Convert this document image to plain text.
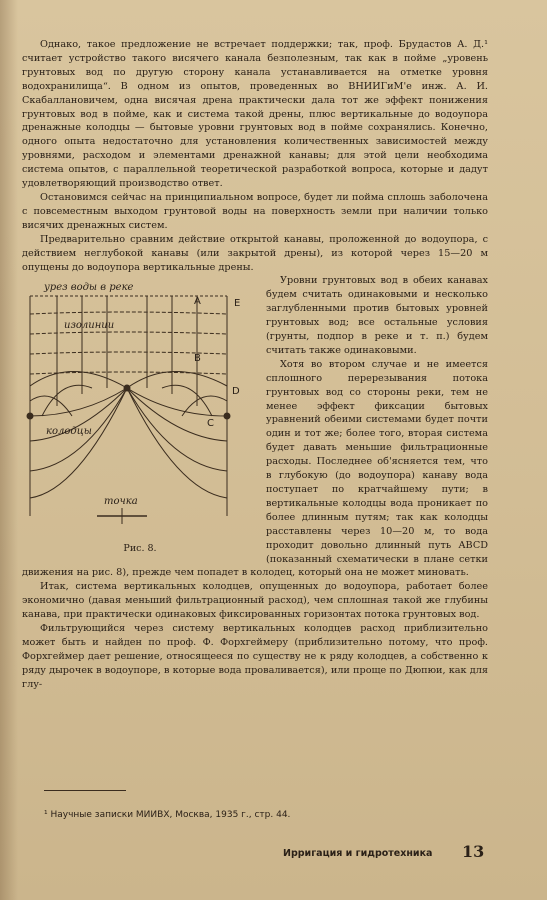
Однако, такое предложение не встречает поддержки; так, проф. Брудастов А. Д.¹ считает устройство такого висячего канала безполезным, так как в пойме „уровень грунтовых вод по другую сторону канала устанавливается на отметке уровня водохранилища“. В одном из опытов, проведенных во ВНИИГиМ'е инж. А. И. Скабаллановичем, одна висячая дрена практически дала тот же эффект понижения грунтовых вод в пойме, как и система такой дрены, плюс вертикальные до водоупора дренажные колодцы — бытовые уровни грунтовых вод в пойме сохранялись. Конечно, одного опыта недостаточно для установления количественных зависимостей между уровнями, расходом и элементами дренажной канавы; для этой цели необходима система опытов, с параллельной теоретической разработкой вопроса, которые и дадут удовлетворяющий производство ответ.

Остановимся сейчас на принципиальном вопросе, будет ли пойма сплошь заболочена с повсеместным выходом грунтовой воды на поверхность земли при наличии только висячих дренажных систем.

Предварительно сравним действие открытой канавы, проложенной до водоупора, с действием неглубокой канавы (или закрытой дрены), из которой через 15—20 м опущены до водоупора вертикальные дрены.

урез воды в реке
изолинии
колодцы
точка
A
B
C
D
E
Рис. 8.

Уровни грунтовых вод в обеих канавах будем считать одинаковыми и несколько заглубленными против бытовых уровней грунтовых вод; все остальные условия (грунты, подпор в реке и т. п.) будем считать также одинаковыми.

Хотя во втором случае и не имеется сплошного перерезывания потока грунтовых вод со стороны реки, тем не менее эффект фиксации бытовых уравнений обеими системами будет почти один и тот же; более того, вторая система будет давать меньшие фильтрационные расходы. Последнее об'ясняется тем, что в глубокую (до водоупора) канаву вода поступает по кратчайшему пути; в вертикальные колодцы вода проникает по более длинным путям; так как колодцы расставлены через 10—20 м, то вода проходит довольно длинный путь ABCD (показанный схематически в плане сетки движения на рис. 8), прежде чем попадет в колодец, который она не может миновать.

Итак, система вертикальных колодцев, опущенных до водоупора, работает более экономично (давая меньший фильтрационный расход), чем сплошная такой же глубины канава, при практически одинаковых фиксированных горизонтах потока грунтовых вод.

Фильтрующийся через систему вертикальных колодцев расход приблизительно может быть и найден по проф. Ф. Форхгеймеру (приблизительно потому, что проф. Форхгеймер дает решение, относящееся по существу не к ряду колодцев, а собственно к ряду дырочек в водоупоре, в которые вода проваливается), или проще по Дюпюи, как для глу-

¹ Научные записки МИИВХ, Москва, 1935 г., стр. 44.
Ирригация и гидротехника 13
